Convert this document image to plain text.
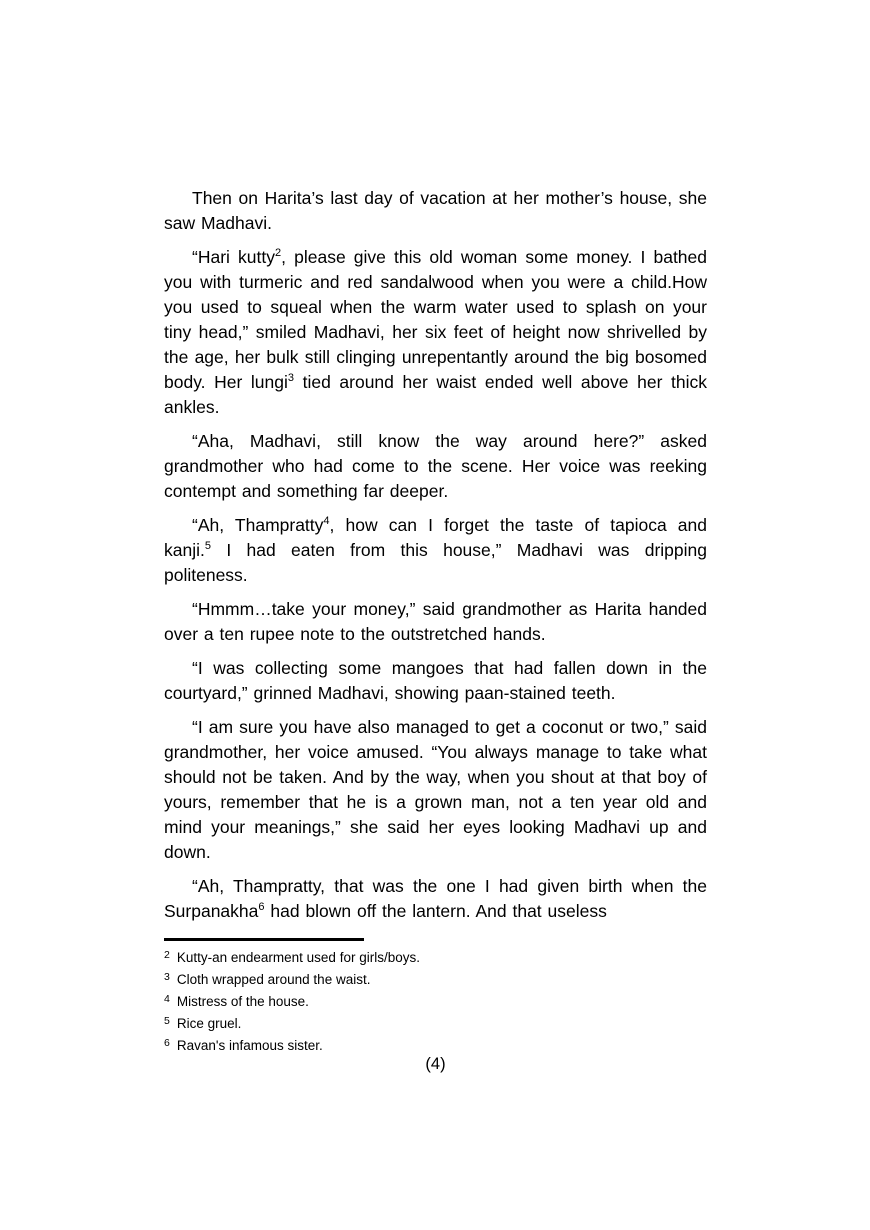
Then on Harita’s last day of vacation at her mother’s house, she saw Madhavi.

“Hari kutty$^2$, please give this old woman some money. I bathed you with turmeric and red sandalwood when you were a child.How you used to squeal when the warm water used to splash on your tiny head,” smiled Madhavi, her six feet of height now shrivelled by the age, her bulk still clinging unrepentantly around the big bosomed body. Her lungi$^3$ tied around her waist ended well above her thick ankles.

“Aha, Madhavi, still know the way around here?” asked grandmother who had come to the scene. Her voice was reeking contempt and something far deeper.

“Ah, Thampratty$^4$, how can I forget the taste of tapioca and kanji.$^5$ I had eaten from this house,” Madhavi was dripping politeness.

“Hmmm…take your money,” said grandmother as Harita handed over a ten rupee note to the outstretched hands.

“I was collecting some mangoes that had fallen down in the courtyard,” grinned Madhavi, showing paan-stained teeth.

“I am sure you have also managed to get a coconut or two,” said grandmother, her voice amused. “You always manage to take what should not be taken. And by the way, when you shout at that boy of yours, remember that he is a grown man, not a ten year old and mind your meanings,” she said her eyes looking Madhavi up and down.

“Ah, Thampratty, that was the one I had given birth when the Surpanakha$^6$ had blown off the lantern. And that useless

$^2$ Kutty-an endearment used for girls/boys.
$^3$ Cloth wrapped around the waist.
$^4$ Mistress of the house.
$^5$ Rice gruel.
$^6$ Ravan's infamous sister.
(4)
